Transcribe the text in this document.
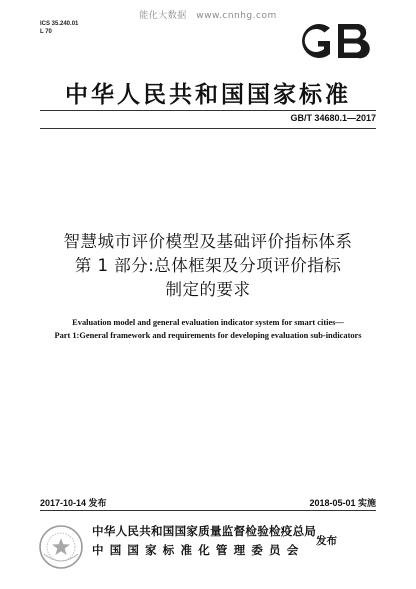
能化大数据　www.cnnhg.com
ICS 35.240.01
L 70
中华人民共和国国家标准
GB/T 34680.1—2017
智慧城市评价模型及基础评价指标体系
第 1 部分:总体框架及分项评价指标
制定的要求
Evaluation model and general evaluation indicator system for smart cities—
Part 1:General framework and requirements for developing evaluation sub-indicators
2017-10-14 发布	2018-05-01 实施
中华人民共和国国家质量监督检验检疫总局
中国国家标准化管理委员会
发布
